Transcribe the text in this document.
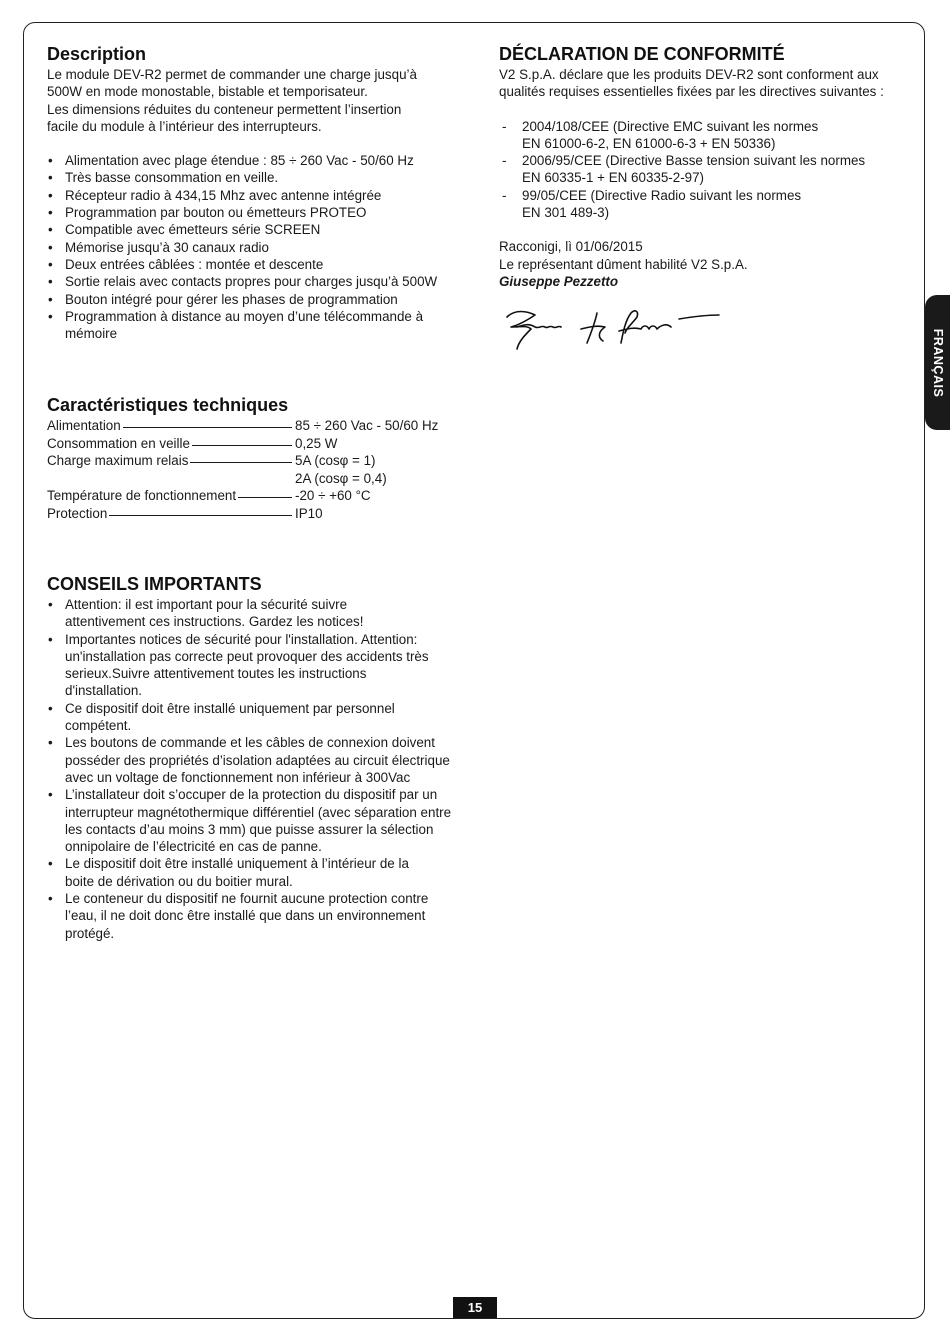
Description

Le module DEV-R2 permet de commander une charge jusqu’à 500W en mode monostable, bistable et temporisateur.

Les dimensions réduites du conteneur permettent l’insertion facile du module à l’intérieur des interrupteurs.

• Alimentation avec plage étendue : 85 ÷ 260 Vac - 50/60 Hz
• Très basse consommation en veille.
• Récepteur radio à 434,15 Mhz avec antenne intégrée
• Programmation par bouton ou émetteurs PROTEO
• Compatible avec émetteurs série SCREEN
• Mémorise jusqu’à 30 canaux radio
• Deux entrées câblées : montée et descente
• Sortie relais avec contacts propres pour charges jusqu’à 500W
• Bouton intégré pour gérer les phases de programmation
• Programmation à distance au moyen d’une télécommande à mémoire
Caractéristiques techniques
Alimentation	85 ÷ 260 Vac - 50/60 Hz
Consommation en veille	0,25 W
Charge maximum relais	5A (cosφ = 1)
2A (cosφ = 0,4)
Température de fonctionnement	-20 ÷ +60 °C
Protection	IP10
CONSEILS IMPORTANTS
• Attention: il est important pour la sécurité suivre attentivement ces instructions. Gardez les notices!
• Importantes notices de sécurité pour l'installation. Attention: un'installation pas correcte peut provoquer des accidents très serieux.Suivre attentivement toutes les instructions d'installation.
• Ce dispositif doit être installé uniquement par personnel compétent.
• Les boutons de commande et les câbles de connexion doivent posséder des propriétés d’isolation adaptées au circuit électrique avec un voltage de fonctionnement non inférieur à 300Vac
• L’installateur doit s’occuper de la protection du dispositif par un interrupteur magnétothermique différentiel (avec séparation entre les contacts d’au moins 3 mm) que puisse assurer la sélection onnipolaire de l’électricité en cas de panne.
• Le dispositif doit être installé uniquement à l’intérieur de la boite de dérivation ou du boitier mural.
• Le conteneur du dispositif ne fournit aucune protection contre l’eau, il ne doit donc être installé que dans un environnement protégé.
DÉCLARATION DE CONFORMITÉ

V2 S.p.A. déclare que les produits DEV-R2 sont conforment aux qualités requises essentielles fixées par les directives suivantes :

- 2004/108/CEE (Directive EMC suivant les normes EN 61000-6-2, EN 61000-6-3 + EN 50336)
- 2006/95/CEE (Directive Basse tension suivant les normes EN 60335-1 + EN 60335-2-97)
- 99/05/CEE (Directive Radio suivant les normes EN 301 489-3)

Racconigi, lì 01/06/2015

Le représentant dûment habilité V2 S.p.A.

Giuseppe Pezzetto

FRANÇAIS
15
